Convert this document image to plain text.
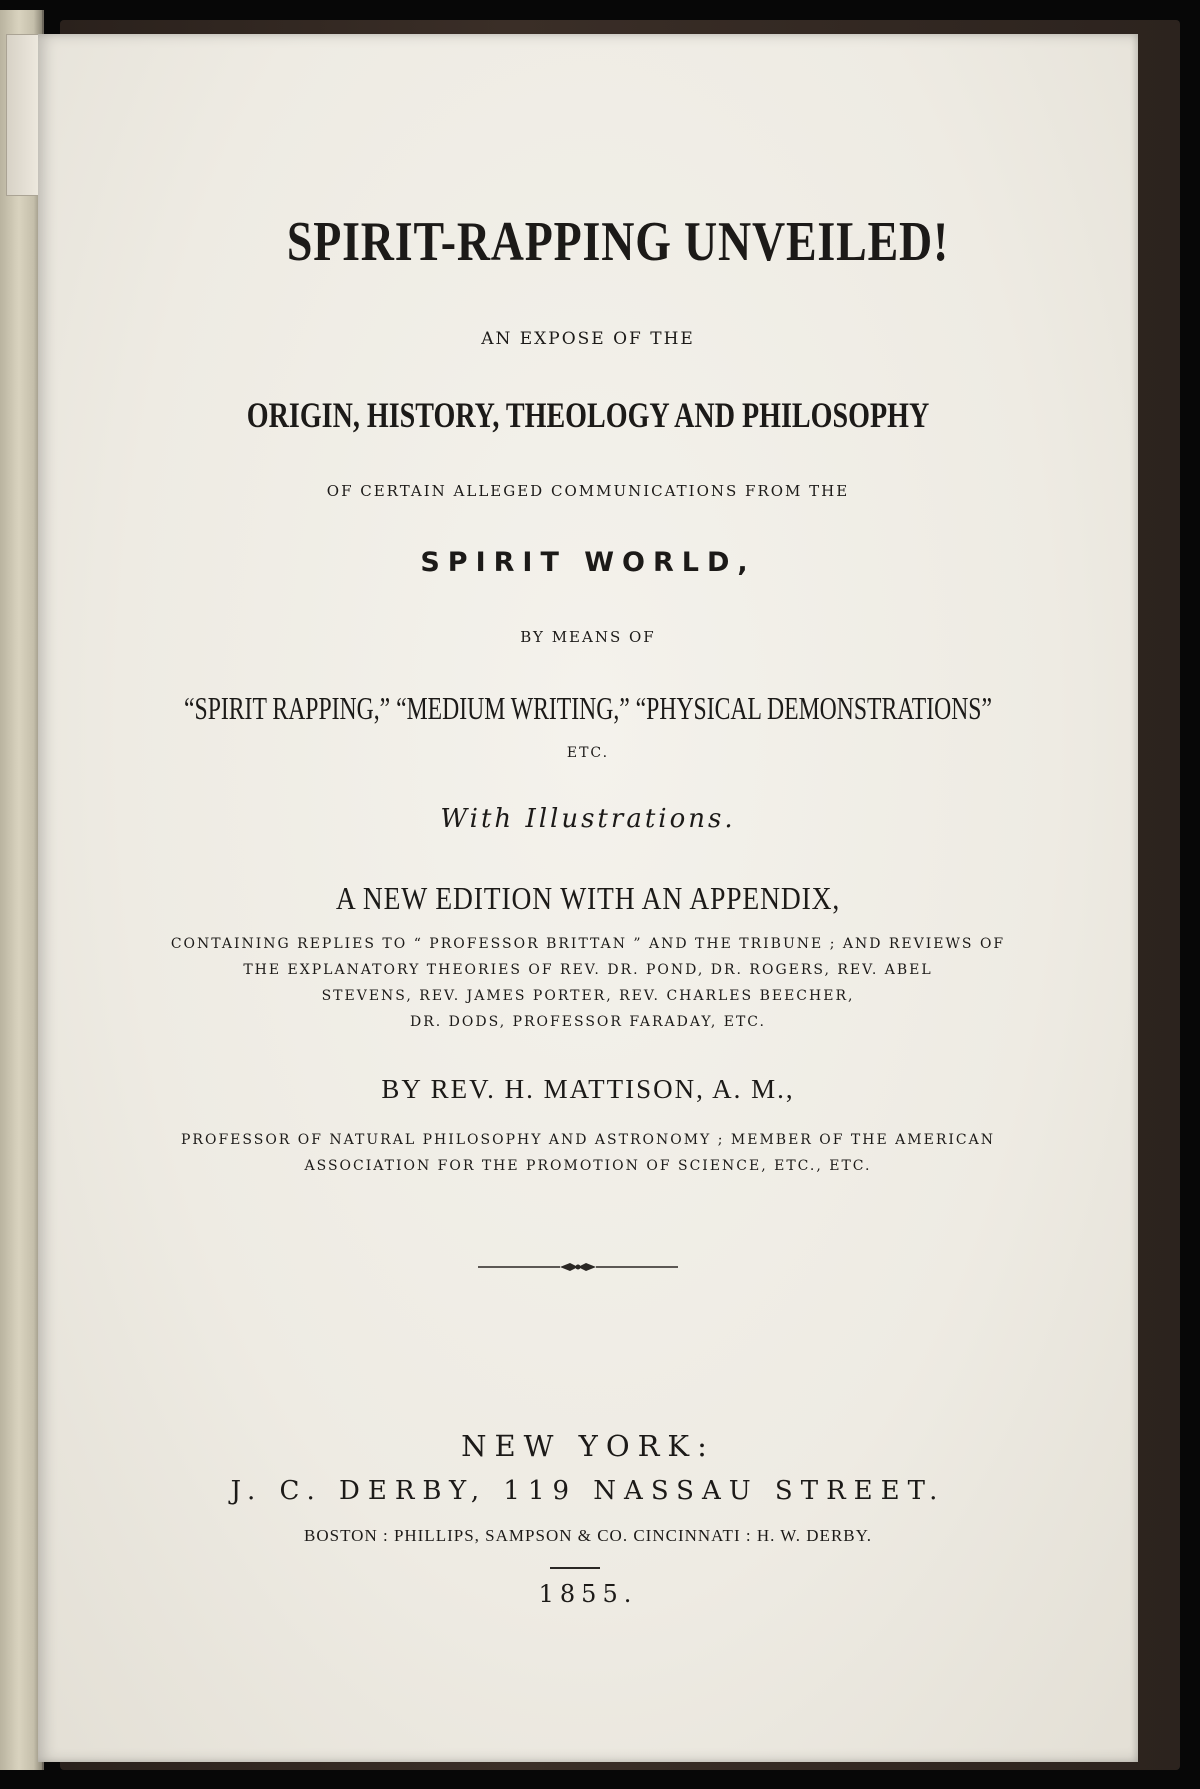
SPIRIT-RAPPING UNVEILED!
AN EXPOSE OF THE
ORIGIN, HISTORY, THEOLOGY AND PHILOSOPHY
OF CERTAIN ALLEGED COMMUNICATIONS FROM THE
SPIRIT WORLD,
BY MEANS OF
“SPIRIT RAPPING,” “MEDIUM WRITING,” “PHYSICAL DEMONSTRATIONS”
ETC.
With Illustrations.
A NEW EDITION WITH AN APPENDIX,
CONTAINING REPLIES TO “ PROFESSOR BRITTAN ” AND THE TRIBUNE ; AND REVIEWS OF
THE EXPLANATORY THEORIES OF REV. DR. POND, DR. ROGERS, REV. ABEL
STEVENS, REV. JAMES PORTER, REV. CHARLES BEECHER,
DR. DODS, PROFESSOR FARADAY, ETC.
BY REV. H. MATTISON, A. M.,
PROFESSOR OF NATURAL PHILOSOPHY AND ASTRONOMY ; MEMBER OF THE AMERICAN
ASSOCIATION FOR THE PROMOTION OF SCIENCE, ETC., ETC.
NEW YORK:
J. C. DERBY, 119 NASSAU STREET.
BOSTON : PHILLIPS, SAMPSON & CO. CINCINNATI : H. W. DERBY.
1855.
